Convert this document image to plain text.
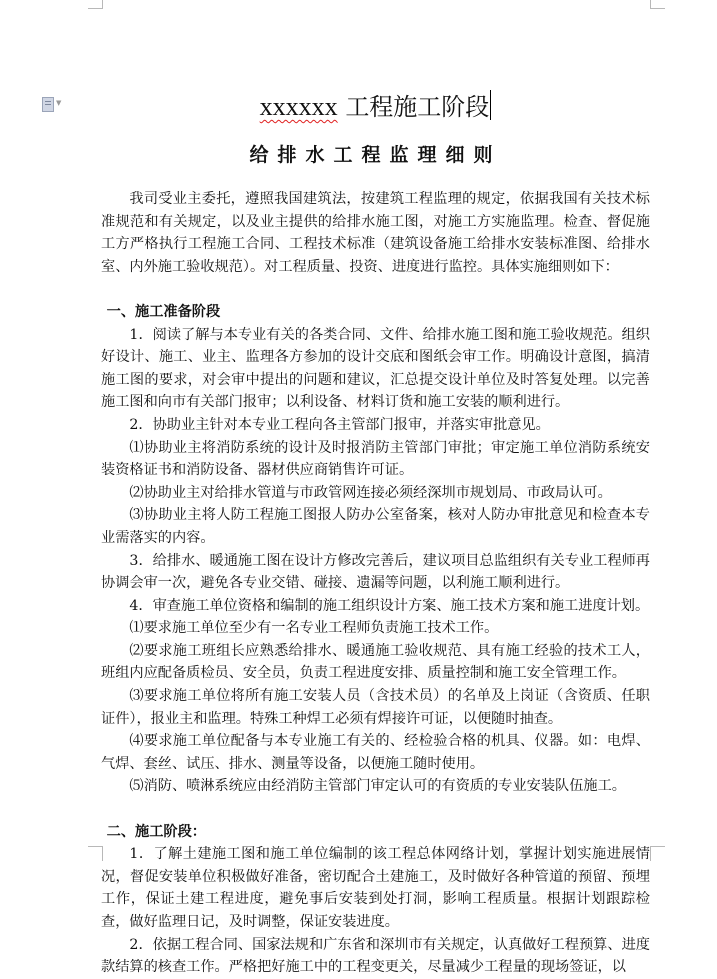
▼	xxxxxx 工程施工阶段
给排水工程监理细则

我司受业主委托，遵照我国建筑法，按建筑工程监理的规定，依据我国有关技术标准规范和有关规定，以及业主提供的给排水施工图，对施工方实施监理。检查、督促施工方严格执行工程施工合同、工程技术标准（建筑设备施工给排水安装标准图、给排水室、内外施工验收规范）。对工程质量、投资、进度进行监控。具体实施细则如下：

一、施工准备阶段

1．阅读了解与本专业有关的各类合同、文件、给排水施工图和施工验收规范。组织好设计、施工、业主、监理各方参加的设计交底和图纸会审工作。明确设计意图，搞清施工图的要求，对会审中提出的问题和建议，汇总提交设计单位及时答复处理。以完善施工图和向市有关部门报审；以利设备、材料订货和施工安装的顺利进行。

2．协助业主针对本专业工程向各主管部门报审，并落实审批意见。

⑴协助业主将消防系统的设计及时报消防主管部门审批；审定施工单位消防系统安装资格证书和消防设备、器材供应商销售许可证。

⑵协助业主对给排水管道与市政管网连接必须经深圳市规划局、市政局认可。

⑶协助业主将人防工程施工图报人防办公室备案，核对人防办审批意见和检查本专业需落实的内容。

3．给排水、暖通施工图在设计方修改完善后，建议项目总监组织有关专业工程师再协调会审一次，避免各专业交错、碰接、遗漏等问题，以利施工顺利进行。

4．审查施工单位资格和编制的施工组织设计方案、施工技术方案和施工进度计划。

⑴要求施工单位至少有一名专业工程师负责施工技术工作。

⑵要求施工班组长应熟悉给排水、暖通施工验收规范、具有施工经验的技术工人，班组内应配备质检员、安全员，负责工程进度安排、质量控制和施工安全管理工作。

⑶要求施工单位将所有施工安装人员（含技术员）的名单及上岗证（含资质、任职证件），报业主和监理。特殊工种焊工必须有焊接许可证，以便随时抽查。

⑷要求施工单位配备与本专业施工有关的、经检验合格的机具、仪器。如：电焊、气焊、套丝、试压、排水、测量等设备，以便施工随时使用。

⑸消防、喷淋系统应由经消防主管部门审定认可的有资质的专业安装队伍施工。

二、施工阶段：

1．了解土建施工图和施工单位编制的该工程总体网络计划，掌握计划实施进展情况，督促安装单位积极做好准备，密切配合土建施工，及时做好各种管道的预留、预埋工作，保证土建工程进度，避免事后安装到处打洞，影响工程质量。根据计划跟踪检查，做好监理日记，及时调整，保证安装进度。

2．依据工程合同、国家法规和广东省和深圳市有关规定，认真做好工程预算、进度款结算的核查工作。严格把好施工中的工程变更关，尽量减少工程量的现场签证，以
